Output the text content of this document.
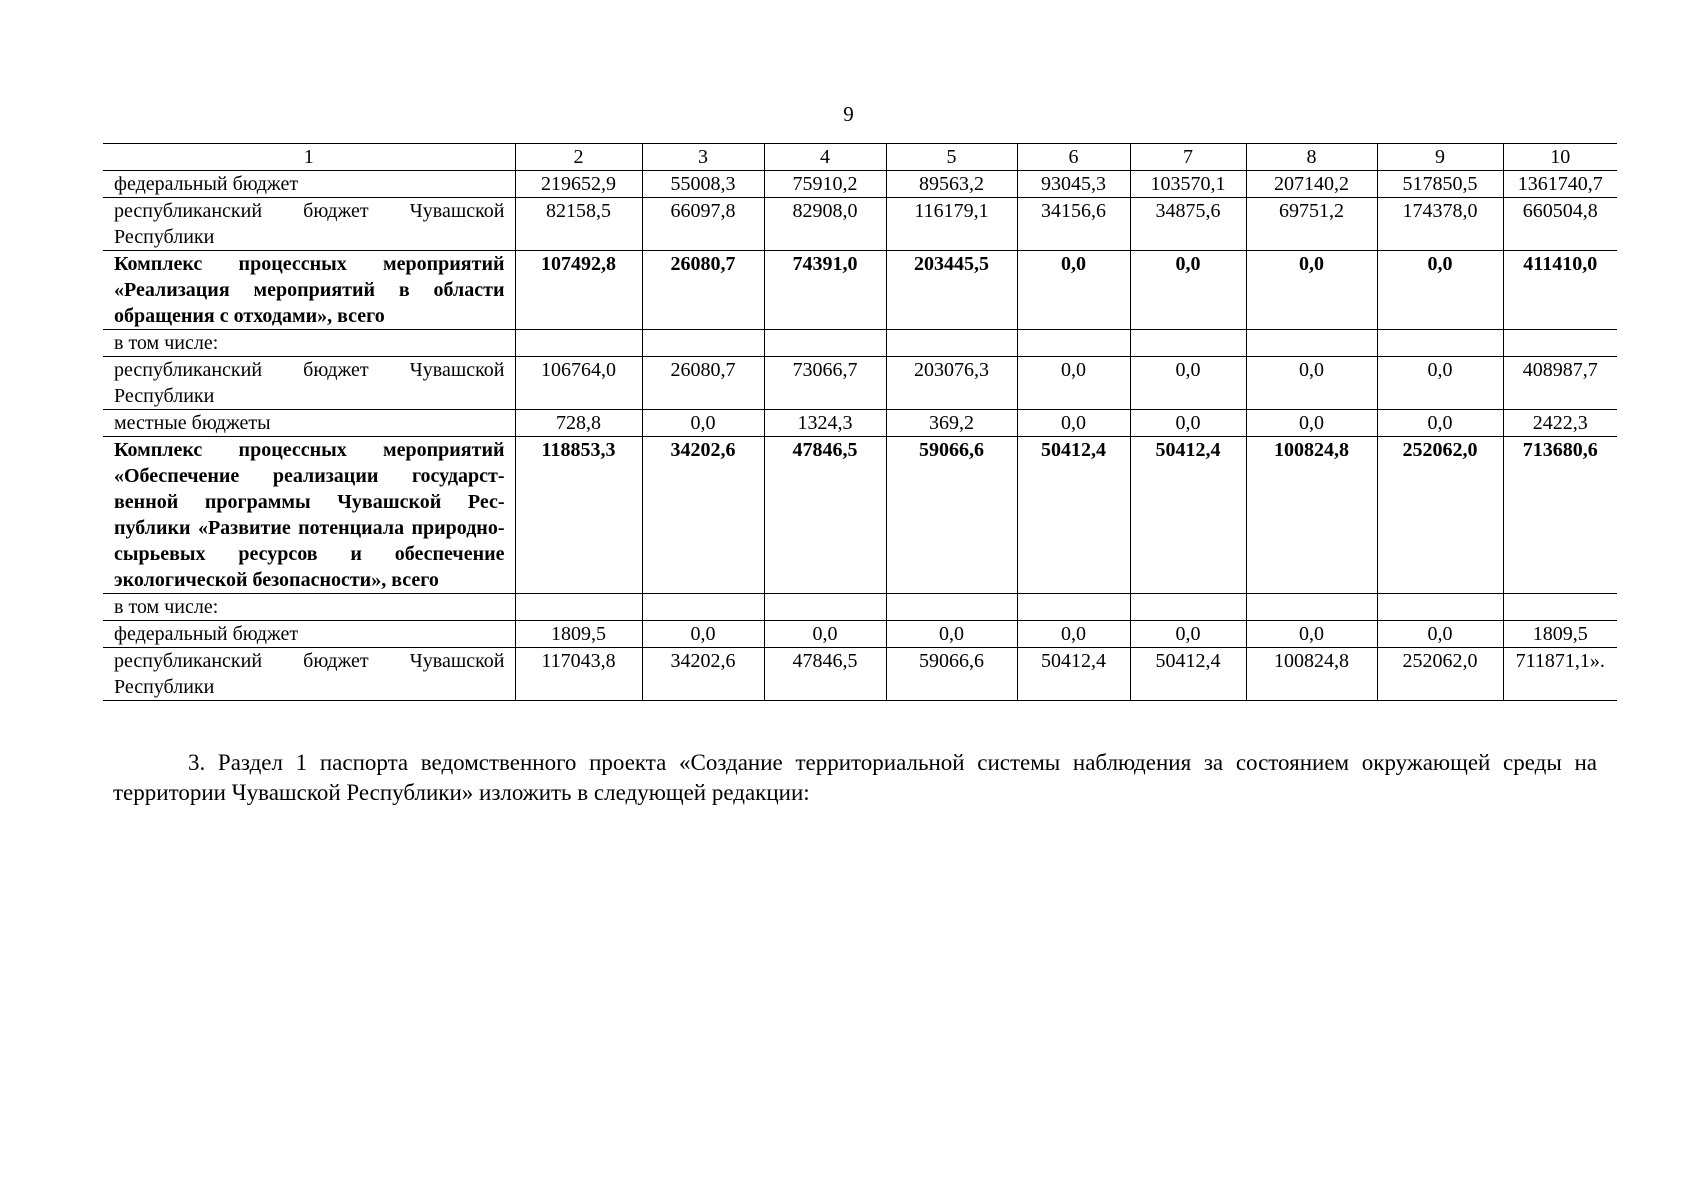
9
1	2	3	4	5	6	7	8	9	10
федеральный бюджет	219652,9	55008,3	75910,2	89563,2	93045,3	103570,1	207140,2	517850,5	1361740,7
республиканский бюджет Чувашской Республики	82158,5	66097,8	82908,0	116179,1	34156,6	34875,6	69751,2	174378,0	660504,8
Комплекс процессных мероприятий «Реализация мероприятий в области обращения с отходами», всего	107492,8	26080,7	74391,0	203445,5	0,0	0,0	0,0	0,0	411410,0
в том числе:									
республиканский бюджет Чувашской Республики	106764,0	26080,7	73066,7	203076,3	0,0	0,0	0,0	0,0	408987,7
местные бюджеты	728,8	0,0	1324,3	369,2	0,0	0,0	0,0	0,0	2422,3
Комплекс процессных мероприятий «Обеспечение реализации государственной программы Чувашской Республики «Развитие потенциала природно-сырьевых ресурсов и обеспечение экологической безопасности», всего	118853,3	34202,6	47846,5	59066,6	50412,4	50412,4	100824,8	252062,0	713680,6
в том числе:									
федеральный бюджет	1809,5	0,0	0,0	0,0	0,0	0,0	0,0	0,0	1809,5
республиканский бюджет Чувашской Республики	117043,8	34202,6	47846,5	59066,6	50412,4	50412,4	100824,8	252062,0	711871,1».

3. Раздел 1 паспорта ведомственного проекта «Создание территориальной системы наблюдения за состоянием окружающей среды на территории Чувашской Республики» изложить в следующей редакции:
